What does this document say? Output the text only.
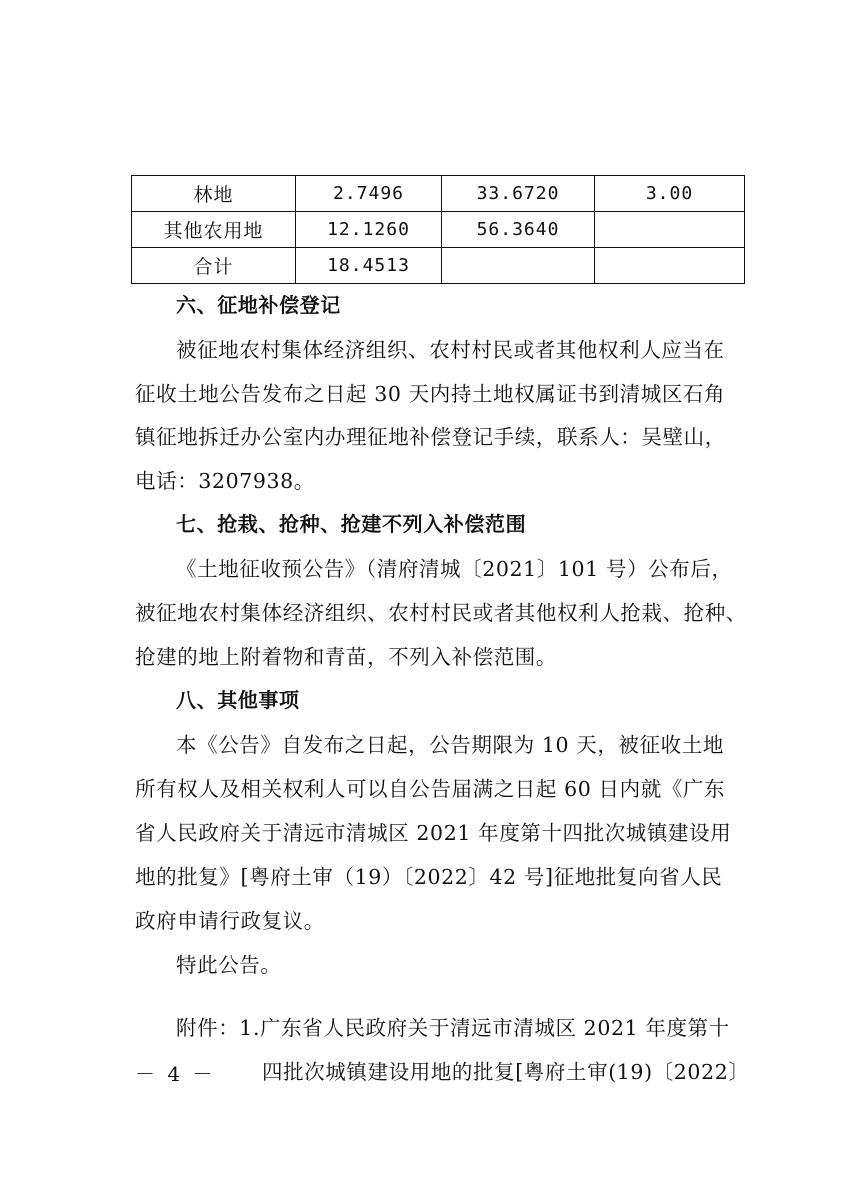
林地	2.7496	33.6720	3.00
其他农用地	12.1260	56.3640	
合计	18.4513		
六、征地补偿登记
被征地农村集体经济组织、农村村民或者其他权利人应当在
征收土地公告发布之日起 30 天内持土地权属证书到清城区石角
镇征地拆迁办公室内办理征地补偿登记手续，联系人：吴壁山，
电话：3207938。
七、抢栽、抢种、抢建不列入补偿范围
《土地征收预公告》（清府清城〔2021〕101 号）公布后，
被征地农村集体经济组织、农村村民或者其他权利人抢栽、抢种、
抢建的地上附着物和青苗，不列入补偿范围。
八、其他事项
本《公告》自发布之日起，公告期限为 10 天，被征收土地
所有权人及相关权利人可以自公告届满之日起 60 日内就《广东
省人民政府关于清远市清城区 2021 年度第十四批次城镇建设用
地的批复》[粤府土审（19）〔2022〕42 号]征地批复向省人民
政府申请行政复议。
特此公告。
附件：1.广东省人民政府关于清远市清城区 2021 年度第十
四批次城镇建设用地的批复[粤府土审(19)〔2022〕
－ 4 －
